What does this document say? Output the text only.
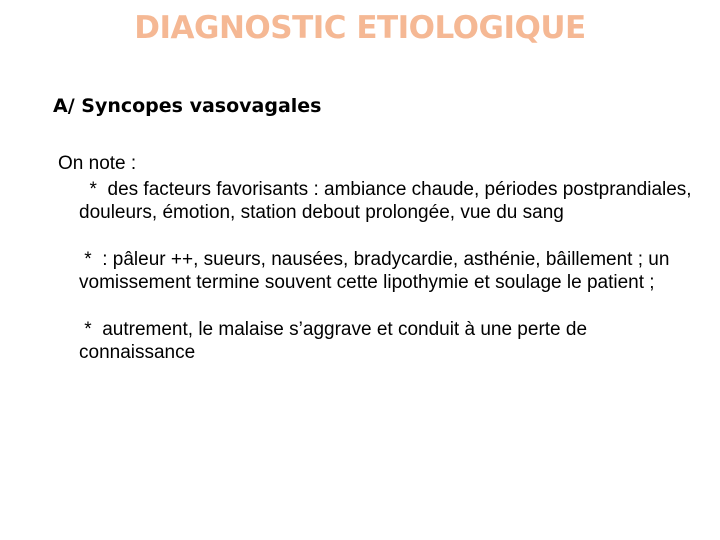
DIAGNOSTIC ETIOLOGIQUE
A/ Syncopes vasovagales

On note :

*  des facteurs favorisants : ambiance chaude, périodes postprandiales, douleurs, émotion, station debout prolongée, vue du sang

*  : pâleur ++, sueurs, nausées, bradycardie, asthénie, bâillement ; un vomissement termine souvent cette lipothymie et soulage le patient ;

*  autrement, le malaise s’aggrave et conduit à une perte de connaissance
